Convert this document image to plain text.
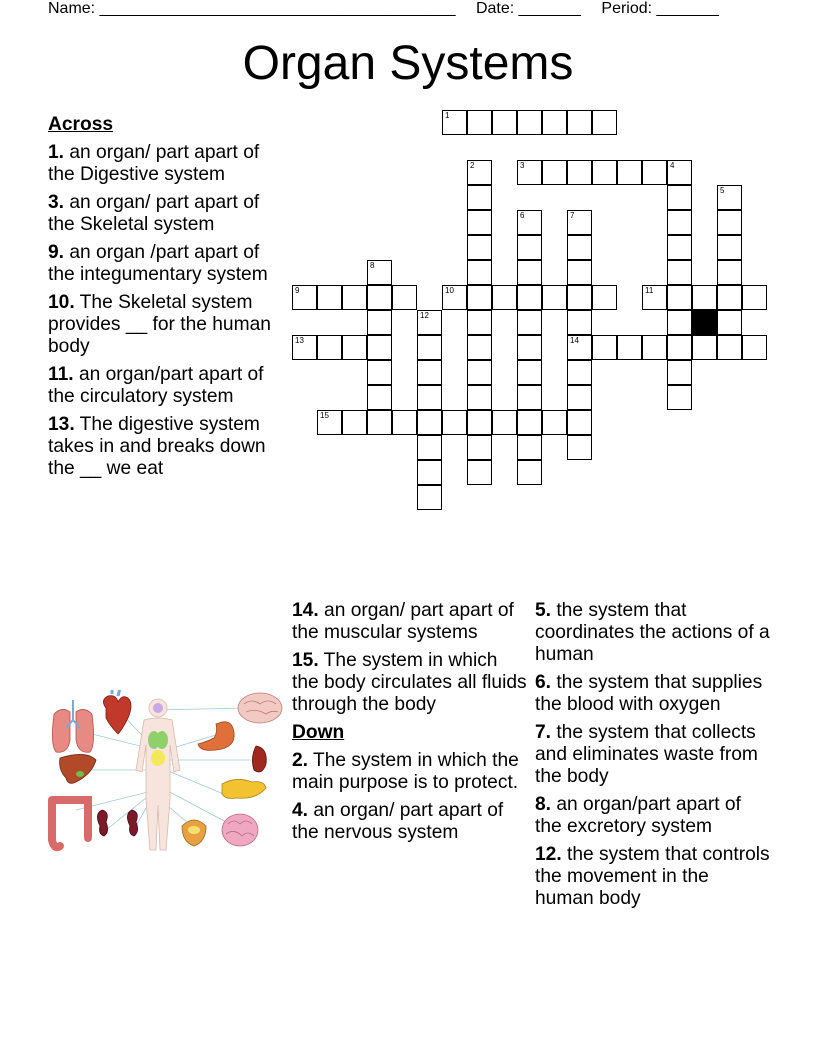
Name: ________________________________________ Date: _______ Period: _______
Organ Systems
Across
1. an organ/ part apart of the Digestive system
3. an organ/ part apart of the Skeletal system
9. an organ /part apart of the integumentary system
10. The Skeletal system provides __ for the human body
11. an organ/part apart of the circulatory system
13. The digestive system takes in and breaks down the __ we eat
14. an organ/ part apart of the muscular systems
15. The system in which the body circulates all fluids through the body
Down
2. The system in which the main purpose is to protect.
4. an organ/ part apart of the nervous system
5. the system that coordinates the actions of a human
6. the system that supplies the blood with oxygen
7. the system that collects and eliminates waste from the body
8. an organ/part apart of the excretory system
12. the system that controls the movement in the human body
1
3
2	4
5
6	7
14
8
9	10	11
12
13
15
